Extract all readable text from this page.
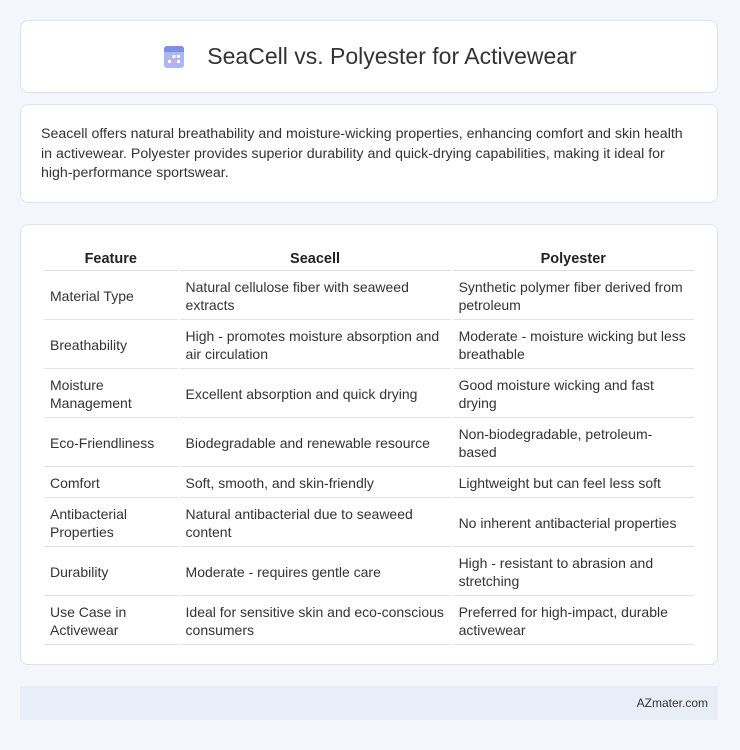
SeaCell vs. Polyester for Activewear

Seacell offers natural breathability and moisture-wicking properties, enhancing comfort and skin health in activewear. Polyester provides superior durability and quick-drying capabilities, making it ideal for high-performance sportswear.

Feature	Seacell	Polyester
Material Type	Natural cellulose fiber with seaweed extracts	Synthetic polymer fiber derived from petroleum
Breathability	High - promotes moisture absorption and air circulation	Moderate - moisture wicking but less breathable
Moisture Management	Excellent absorption and quick drying	Good moisture wicking and fast drying
Eco-Friendliness	Biodegradable and renewable resource	Non-biodegradable, petroleum-based
Comfort	Soft, smooth, and skin-friendly	Lightweight but can feel less soft
Antibacterial Properties	Natural antibacterial due to seaweed content	No inherent antibacterial properties
Durability	Moderate - requires gentle care	High - resistant to abrasion and stretching
Use Case in Activewear	Ideal for sensitive skin and eco-conscious consumers	Preferred for high-impact, durable activewear
AZmater.com
